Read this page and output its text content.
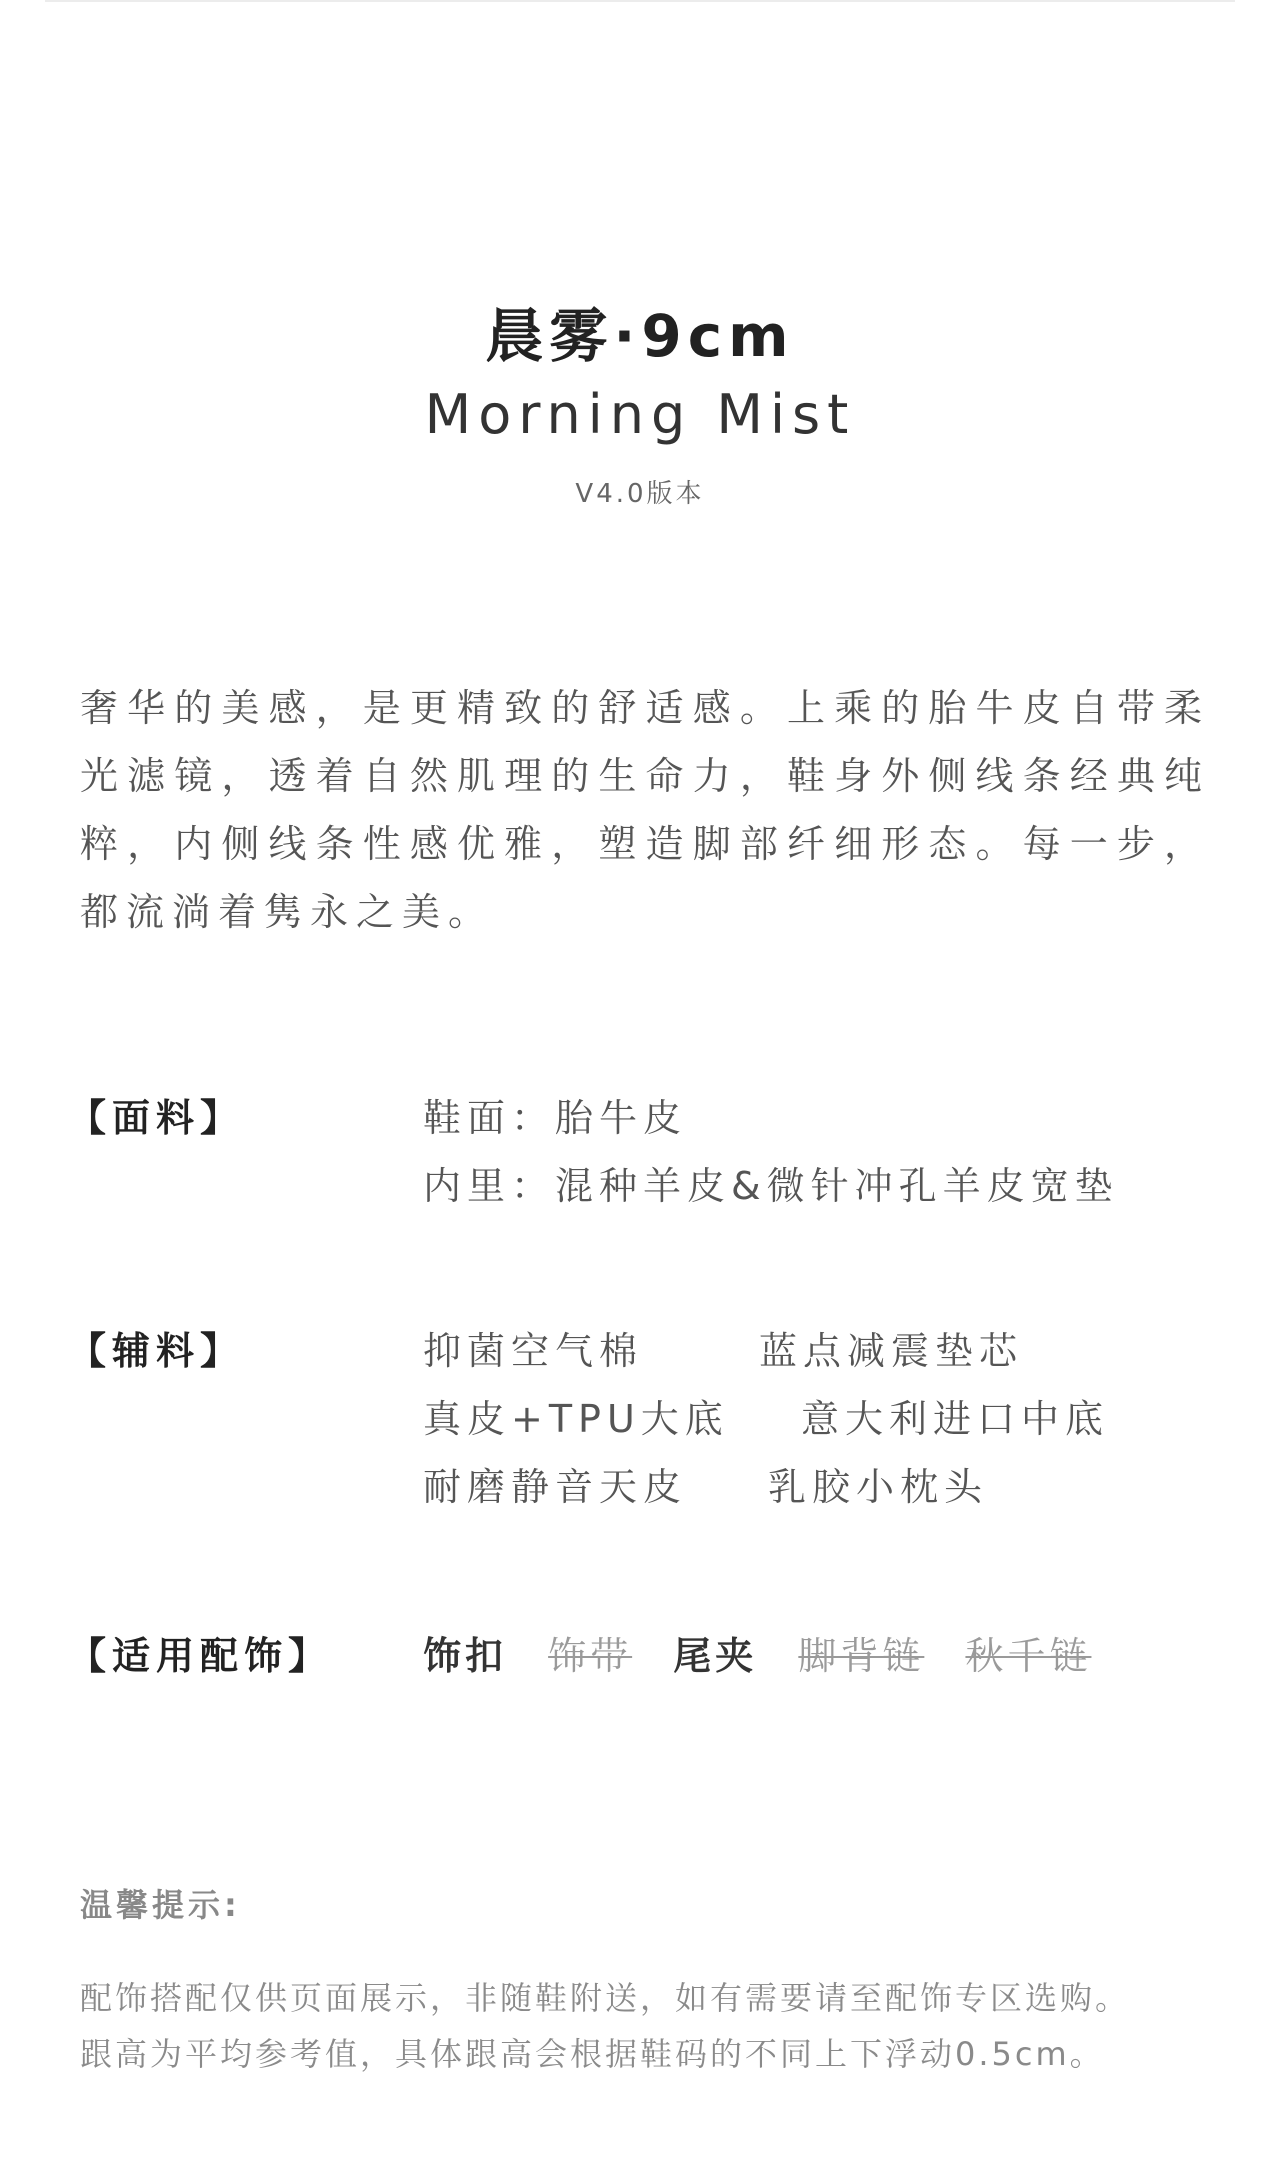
晨雾·9cm
Morning Mist
V4.0版本

奢华的美感，是更精致的舒适感。上乘的胎牛皮自带柔光滤镜，透着自然肌理的生命力，鞋身外侧线条经典纯粹，内侧线条性感优雅，塑造脚部纤细形态。每一步，都流淌着隽永之美。

【面料】	鞋面：胎牛皮
内里：混种羊皮&微针冲孔羊皮宽垫
【辅料】	抑菌空气棉	蓝点减震垫芯
真皮+TPU大底 意大利进口中底
耐磨静音天皮 乳胶小枕头
【适用配饰】 饰扣 饰带 尾夹 脚背链 秋千链
温馨提示:
配饰搭配仅供页面展示，非随鞋附送，如有需要请至配饰专区选购。
跟高为平均参考值，具体跟高会根据鞋码的不同上下浮动0.5cm。
